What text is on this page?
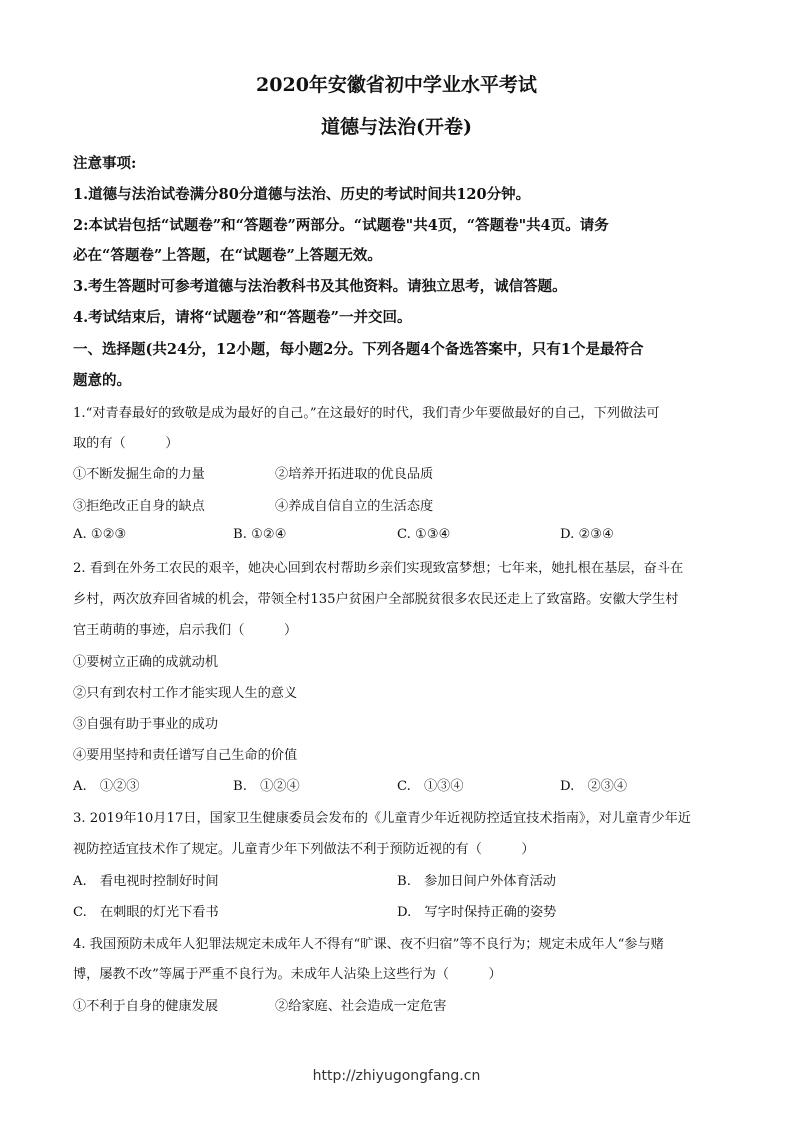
2020年安徽省初中学业水平考试
道德与法治(开卷)

注意事项:

1.道德与法治试卷满分80分道德与法治、历史的考试时间共120分钟。

2:本试岩包括“试题卷”和“答题卷”两部分。“试题卷"共4页，“答题卷"共4页。请务

必在“答题卷”上答题，在“试题卷”上答题无效。

3.考生答题时可参考道德与法治教科书及其他资料。请独立思考，诚信答题。

4.考试结束后，请将“试题卷”和“答题卷”一并交回。

一、选择题(共24分，12小题，每小题2分。下列各题4个备选答案中，只有1个是最符合

题意的。

1.“对青春最好的致敬是成为最好的自己。”在这最好的时代，我们青少年要做最好的自己，下列做法可

取的有（　　　）

①不断发掘生命的力量	②培养开拓进取的优良品质

③拒绝改正自身的缺点	④养成自信自立的生活态度

A. ①②③	B. ①②④	C. ①③④	D. ②③④

2. 看到在外务工农民的艰辛，她决心回到农村帮助乡亲们实现致富梦想；七年来，她扎根在基层，奋斗在

乡村，两次放弃回省城的机会，带领全村135户贫困户全部脱贫很多农民还走上了致富路。安徽大学生村

官王萌萌的事迹，启示我们（　　　）

①要树立正确的成就动机

②只有到农村工作才能实现人生的意义

③自强有助于事业的成功

④要用坚持和责任谱写自己生命的价值

A.　①②③	B.　①②④	C.　①③④	D.　②③④

3. 2019年10月17日，国家卫生健康委员会发布的《儿童青少年近视防控适宜技术指南》，对儿童青少年近

视防控适宜技术作了规定。儿童青少年下列做法不利于预防近视的有（　　　）

A.　看电视时控制好时间	B.　参加日间户外体育活动

C.　在刺眼的灯光下看书	D.　写字时保持正确的姿势

4. 我国预防未成年人犯罪法规定未成年人不得有“旷课、夜不归宿”等不良行为；规定未成年人“参与赌

博，屡教不改”等属于严重不良行为。未成年人沾染上这些行为（　　　）

①不利于自身的健康发展	②给家庭、社会造成一定危害

http://zhiyugongfang.cn
